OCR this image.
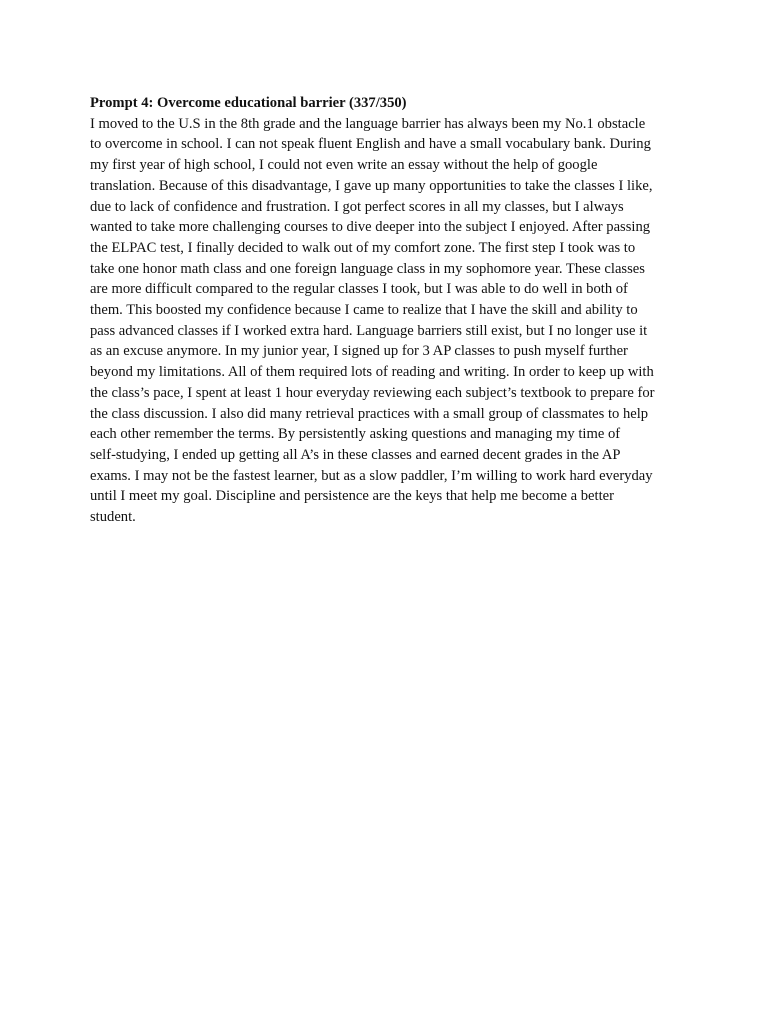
Prompt 4: Overcome educational barrier (337/350)
I moved to the U.S in the 8th grade and the language barrier has always been my No.1 obstacle
to overcome in school. I can not speak fluent English and have a small vocabulary bank. During
my first year of high school, I could not even write an essay without the help of google
translation. Because of this disadvantage, I gave up many opportunities to take the classes I like,
due to lack of confidence and frustration. I got perfect scores in all my classes, but I always
wanted to take more challenging courses to dive deeper into the subject I enjoyed. After passing
the ELPAC test, I finally decided to walk out of my comfort zone. The first step I took was to
take one honor math class and one foreign language class in my sophomore year. These classes
are more difficult compared to the regular classes I took, but I was able to do well in both of
them. This boosted my confidence because I came to realize that I have the skill and ability to
pass advanced classes if I worked extra hard. Language barriers still exist, but I no longer use it
as an excuse anymore. In my junior year, I signed up for 3 AP classes to push myself further
beyond my limitations. All of them required lots of reading and writing. In order to keep up with
the class’s pace, I spent at least 1 hour everyday reviewing each subject’s textbook to prepare for
the class discussion. I also did many retrieval practices with a small group of classmates to help
each other remember the terms. By persistently asking questions and managing my time of
self-studying, I ended up getting all A’s in these classes and earned decent grades in the AP
exams. I may not be the fastest learner, but as a slow paddler, I’m willing to work hard everyday
until I meet my goal. Discipline and persistence are the keys that help me become a better
student.
